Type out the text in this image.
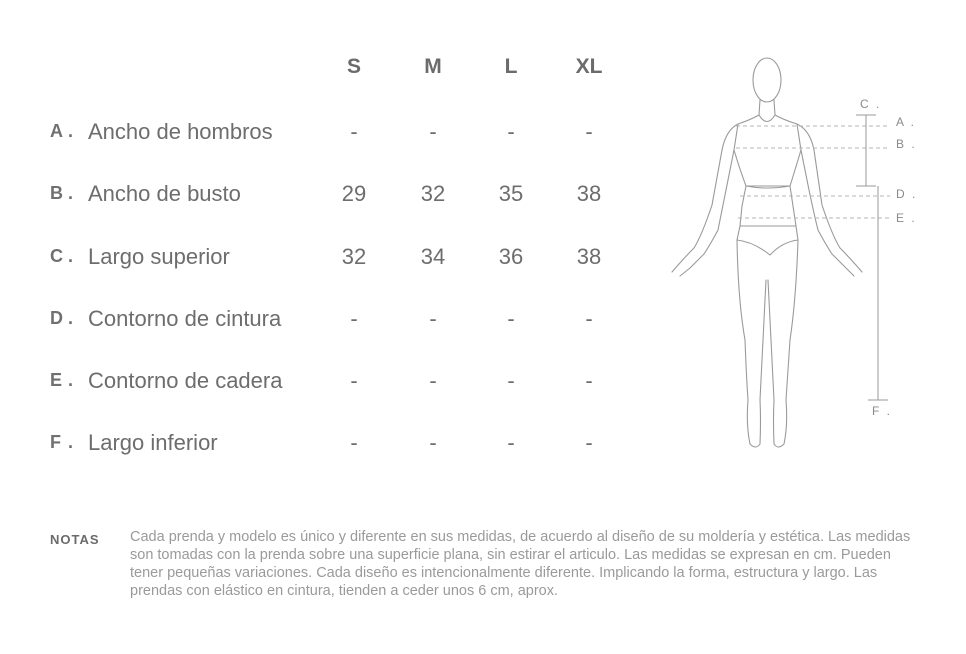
S	M	L	XL
A . Ancho de hombros	-	-	-	-
B . Ancho de busto	29	32	35	38
C . Largo superior	32	34	36	38
D . Contorno de cintura	-	-	-	-
E . Contorno de cadera	-	-	-	-
F . Largo inferior	-	-	-	-
C .
A .
B .
D .
E .
F .
NOTAS Cada prenda y modelo es único y diferente en sus medidas, de acuerdo al diseño de su moldería y estética. Las medidas son tomadas con la prenda sobre una superficie plana, sin estirar el articulo. Las medidas se expresan en cm. Pueden tener pequeñas variaciones. Cada diseño es intencionalmente diferente. Implicando la forma, estructura y largo. Las prendas con elástico en cintura, tienden a ceder unos 6 cm, aprox.
